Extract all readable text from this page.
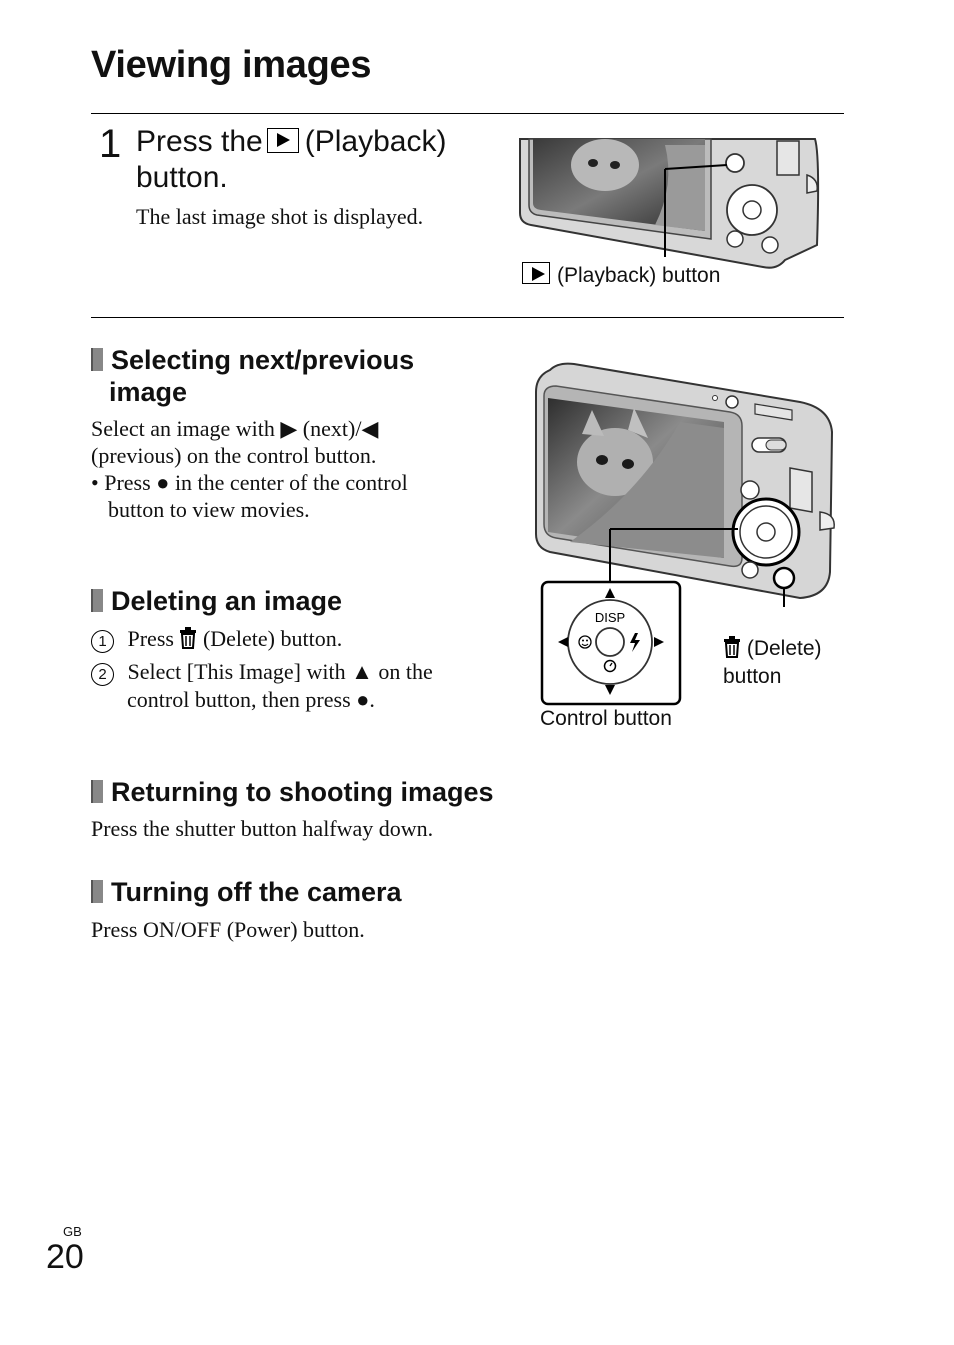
Viewing images
1 Press the (Playback)
button.
The last image shot is displayed.
(Playback) button
Selecting next/previous
image
Select an image with ▶ (next)/◀
(previous) on the control button.
• Press ● in the center of the control
button to view movies.
Deleting an image
1 Press (Delete) button.
2 Select [This Image] with ▲ on the
control button, then press ●.
DISP
Control button
(Delete)
button
Returning to shooting images
Press the shutter button halfway down.
Turning off the camera
Press ON/OFF (Power) button.
GB
20
